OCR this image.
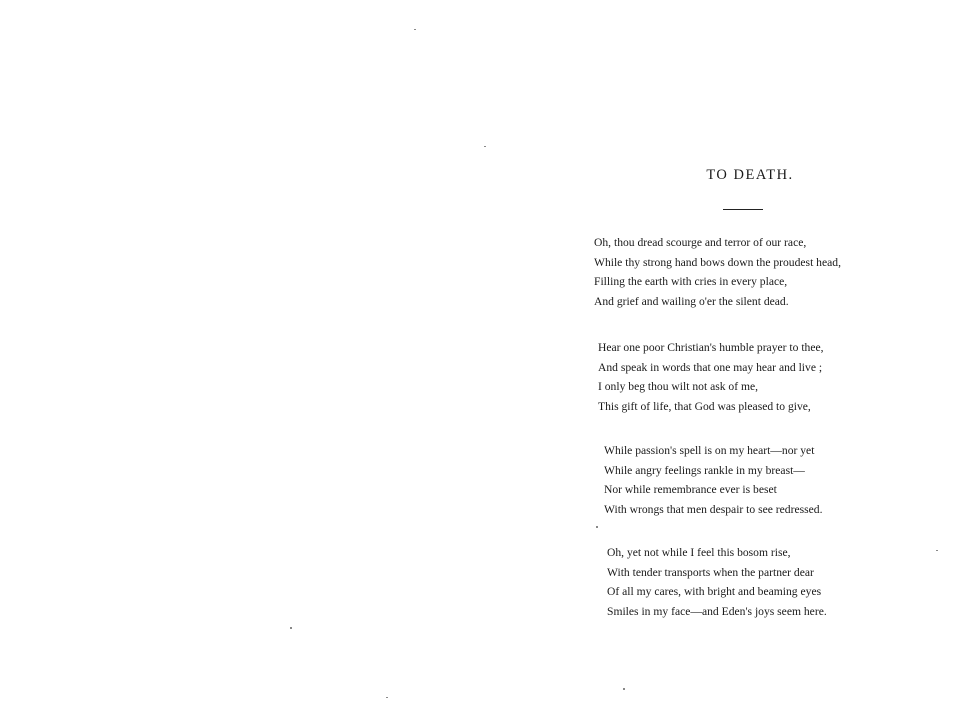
TO DEATH.
Oh, thou dread scourge and terror of our race,
While thy strong hand bows down the proudest head,
Filling the earth with cries in every place,
And grief and wailing o'er the silent dead.
Hear one poor Christian's humble prayer to thee,
And speak in words that one may hear and live ;
I only beg thou wilt not ask of me,
This gift of life, that God was pleased to give,
While passion's spell is on my heart—nor yet
While angry feelings rankle in my breast—
Nor while remembrance ever is beset
With wrongs that men despair to see redressed.
Oh, yet not while I feel this bosom rise,
With tender transports when the partner dear
Of all my cares, with bright and beaming eyes
Smiles in my face—and Eden's joys seem here.
